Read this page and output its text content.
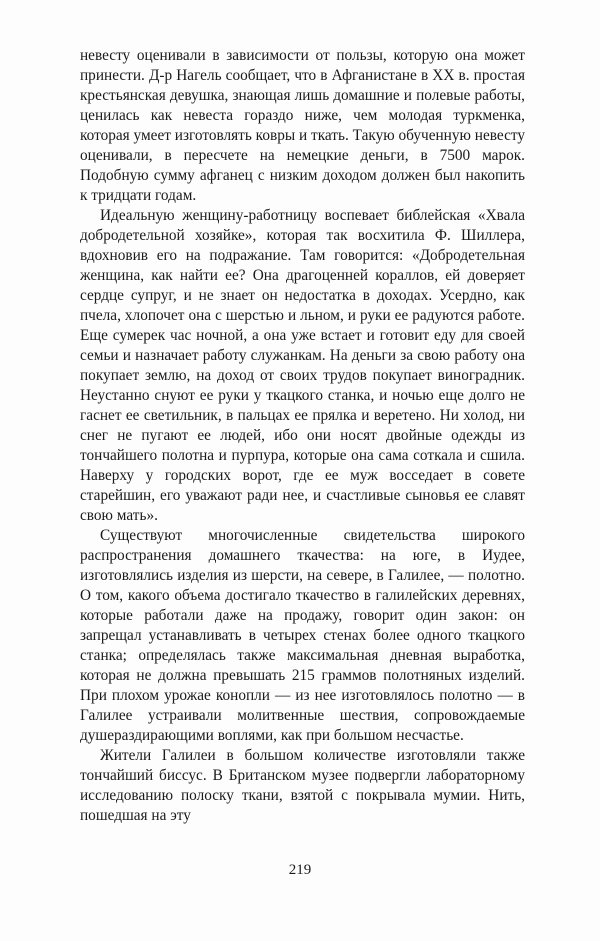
невесту оценивали в зависимости от пользы, которую она может принести. Д-р Нагель сообщает, что в Афганистане в XX в. простая крестьянская девушка, знающая лишь домашние и полевые работы, ценилась как невеста гораздо ниже, чем молодая туркменка, которая умеет изготовлять ковры и ткать. Такую обученную невесту оценивали, в пересчете на немецкие деньги, в 7500 марок. Подобную сумму афганец с низким доходом должен был накопить к тридцати годам.

Идеальную женщину-работницу воспевает библейская «Хвала добродетельной хозяйке», которая так восхитила Ф. Шиллера, вдохновив его на подражание. Там говорится: «Добродетельная женщина, как найти ее? Она драгоценней кораллов, ей доверяет сердце супруг, и не знает он недостатка в доходах. Усердно, как пчела, хлопочет она с шерстью и льном, и руки ее радуются работе. Еще сумерек час ночной, а она уже встает и готовит еду для своей семьи и назначает работу служанкам. На деньги за свою работу она покупает землю, на доход от своих трудов покупает виноградник. Неустанно снуют ее руки у ткацкого станка, и ночью еще долго не гаснет ее светильник, в пальцах ее прялка и веретено. Ни холод, ни снег не пугают ее людей, ибо они носят двойные одежды из тончайшего полотна и пурпура, которые она сама соткала и сшила. Наверху у городских ворот, где ее муж восседает в совете старейшин, его уважают ради нее, и счастливые сыновья ее славят свою мать».

Существуют многочисленные свидетельства широкого распространения домашнего ткачества: на юге, в Иудее, изготовлялись изделия из шерсти, на севере, в Галилее, — полотно. О том, какого объема достигало ткачество в галилейских деревнях, которые работали даже на продажу, говорит один закон: он запрещал устанавливать в четырех стенах более одного ткацкого станка; определялась также максимальная дневная выработка, которая не должна превышать 215 граммов полотняных изделий. При плохом урожае конопли — из нее изготовлялось полотно — в Галилее устраивали молитвенные шествия, сопровождаемые душераздирающими воплями, как при большом несчастье.

Жители Галилеи в большом количестве изготовляли также тончайший биссус. В Британском музее подвергли лабораторному исследованию полоску ткани, взятой с покрывала мумии. Нить, пошедшая на эту

219
